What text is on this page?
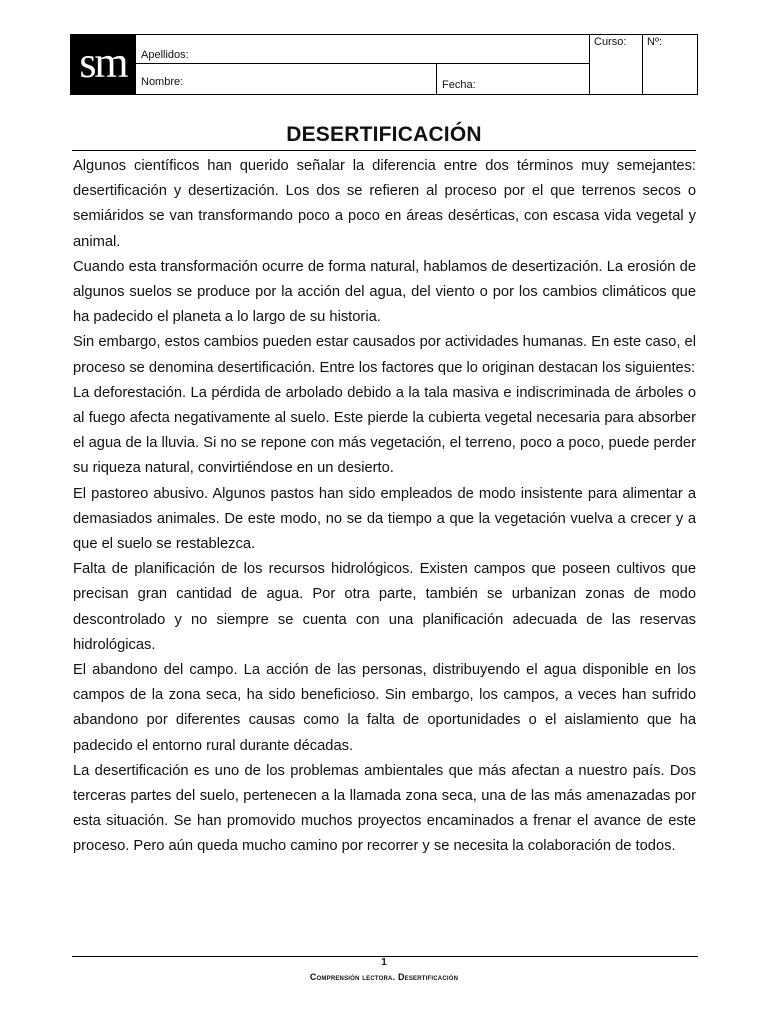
sm Apellidos:
Nombre:	Fecha:
Curso: Nº:
DESERTIFICACIÓN

Algunos científicos han querido señalar la diferencia entre dos términos muy semejantes: desertificación y desertización. Los dos se refieren al proceso por el que terrenos secos o semiáridos se van transformando poco a poco en áreas desérticas, con escasa vida vegetal y animal.

Cuando esta transformación ocurre de forma natural, hablamos de desertización. La erosión de algunos suelos se produce por la acción del agua, del viento o por los cambios climáticos que ha padecido el planeta a lo largo de su historia.

Sin embargo, estos cambios pueden estar causados por actividades humanas. En este caso, el proceso se denomina desertificación. Entre los factores que lo originan destacan los siguientes:

La deforestación. La pérdida de arbolado debido a la tala masiva e indiscriminada de árboles o al fuego afecta negativamente al suelo. Este pierde la cubierta vegetal necesaria para absorber el agua de la lluvia. Si no se repone con más vegetación, el terreno, poco a poco, puede perder su riqueza natural, convirtiéndose en un desierto.

El pastoreo abusivo. Algunos pastos han sido empleados de modo insistente para alimentar a demasiados animales. De este modo, no se da tiempo a que la vegetación vuelva a crecer y a que el suelo se restablezca.

Falta de planificación de los recursos hidrológicos. Existen campos que poseen cultivos que precisan gran cantidad de agua. Por otra parte, también se urbanizan zonas de modo descontrolado y no siempre se cuenta con una planificación adecuada de las reservas hidrológicas.

El abandono del campo. La acción de las personas, distribuyendo el agua disponible en los campos de la zona seca, ha sido beneficioso. Sin embargo, los campos, a veces han sufrido abandono por diferentes causas como la falta de oportunidades o el aislamiento que ha padecido el entorno rural durante décadas.

La desertificación es uno de los problemas ambientales que más afectan a nuestro país. Dos terceras partes del suelo, pertenecen a la llamada zona seca, una de las más amenazadas por esta situación. Se han promovido muchos proyectos encaminados a frenar el avance de este proceso. Pero aún queda mucho camino por recorrer y se necesita la colaboración de todos.

1
Comprensión lectora. Desertificación
